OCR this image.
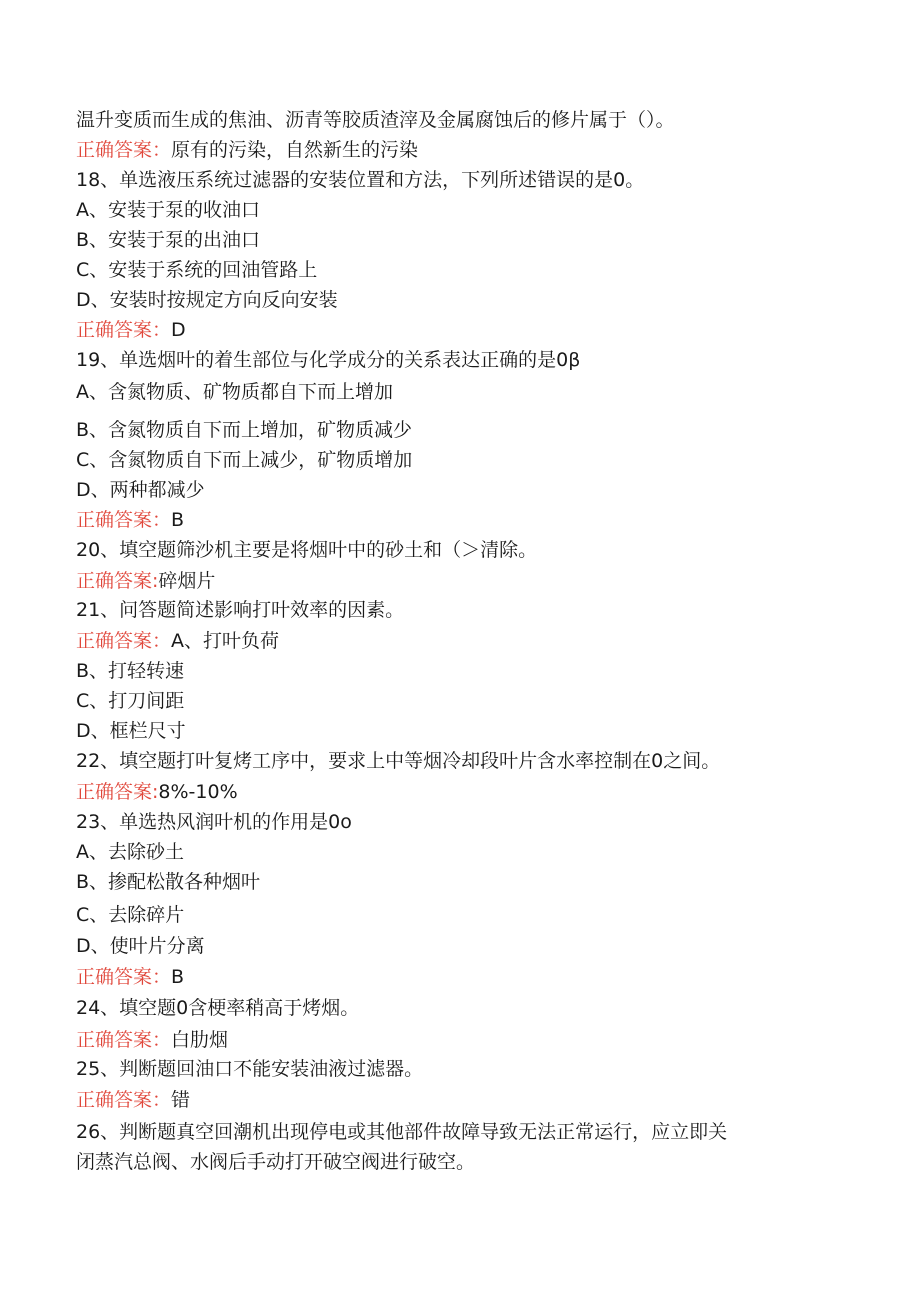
温升变质而生成的焦油、沥青等胶质渣滓及金属腐蚀后的修片属于（）。
正确答案：原有的污染，自然新生的污染
18、单选液压系统过滤器的安装位置和方法，下列所述错误的是0。
A、安装于泵的收油口
B、安装于泵的出油口
C、安装于系统的回油管路上
D、安装时按规定方向反向安装
正确答案：D
19、单选烟叶的着生部位与化学成分的关系表达正确的是0β
A、含氮物质、矿物质都自下而上增加
B、含氮物质自下而上增加，矿物质减少
C、含氮物质自下而上减少，矿物质增加
D、两种都减少
正确答案：B
20、填空题筛沙机主要是将烟叶中的砂土和（＞清除。
正确答案:碎烟片
21、问答题简述影响打叶效率的因素。
正确答案：A、打叶负荷
B、打轻转速
C、打刀间距
D、框栏尺寸
22、填空题打叶复烤工序中，要求上中等烟冷却段叶片含水率控制在0之间。
正确答案:8%-10%
23、单选热风润叶机的作用是0o
A、去除砂土
B、掺配松散各种烟叶
C、去除碎片
D、使叶片分离
正确答案：B
24、填空题0含梗率稍高于烤烟。
正确答案：白肋烟
25、判断题回油口不能安装油液过滤器。
正确答案：错
26、判断题真空回潮机出现停电或其他部件故障导致无法正常运行，应立即关
闭蒸汽总阀、水阀后手动打开破空阀进行破空。
